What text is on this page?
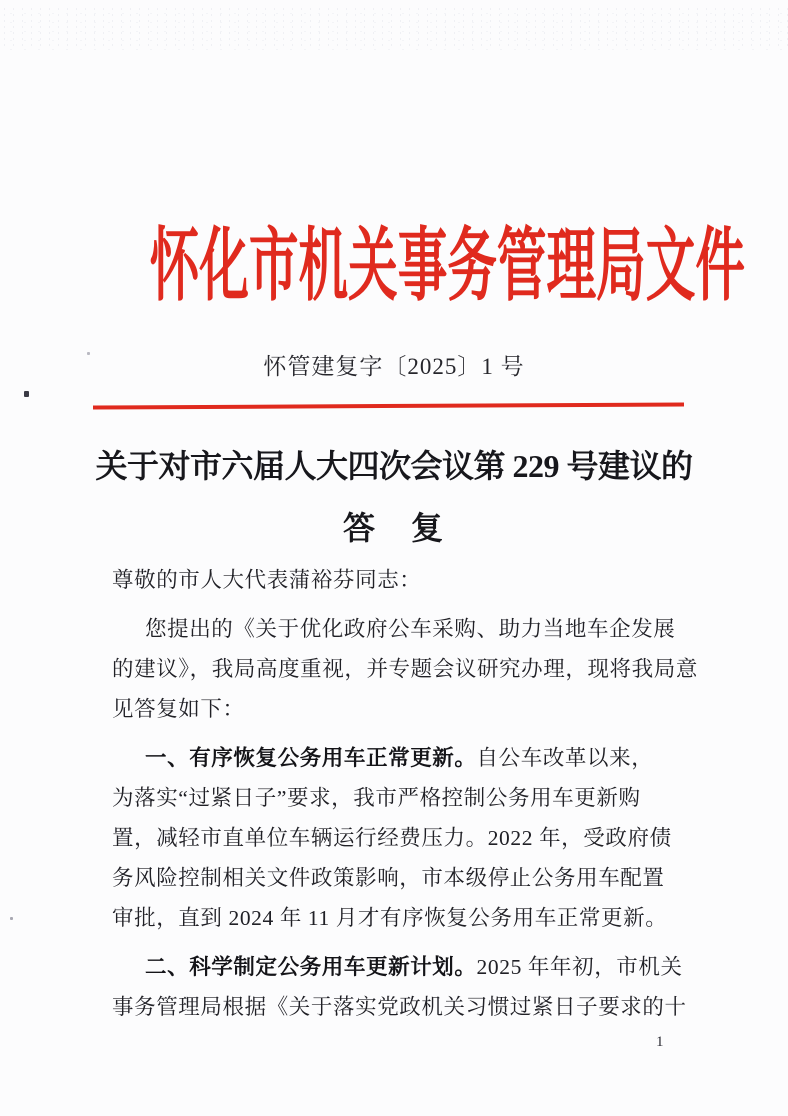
怀化市机关事务管理局文件
怀管建复字〔2025〕1 号
关于对市六届人大四次会议第 229 号建议的
答　复
尊敬的市人大代表蒲裕芬同志：
您提出的《关于优化政府公车采购、助力当地车企发展
的建议》，我局高度重视，并专题会议研究办理，现将我局意
见答复如下：
一、有序恢复公务用车正常更新。自公车改革以来，
为落实“过紧日子”要求，我市严格控制公务用车更新购
置，减轻市直单位车辆运行经费压力。2022 年，受政府债
务风险控制相关文件政策影响，市本级停止公务用车配置
审批，直到 2024 年 11 月才有序恢复公务用车正常更新。
二、科学制定公务用车更新计划。2025 年年初，市机关
事务管理局根据《关于落实党政机关习惯过紧日子要求的十
1
